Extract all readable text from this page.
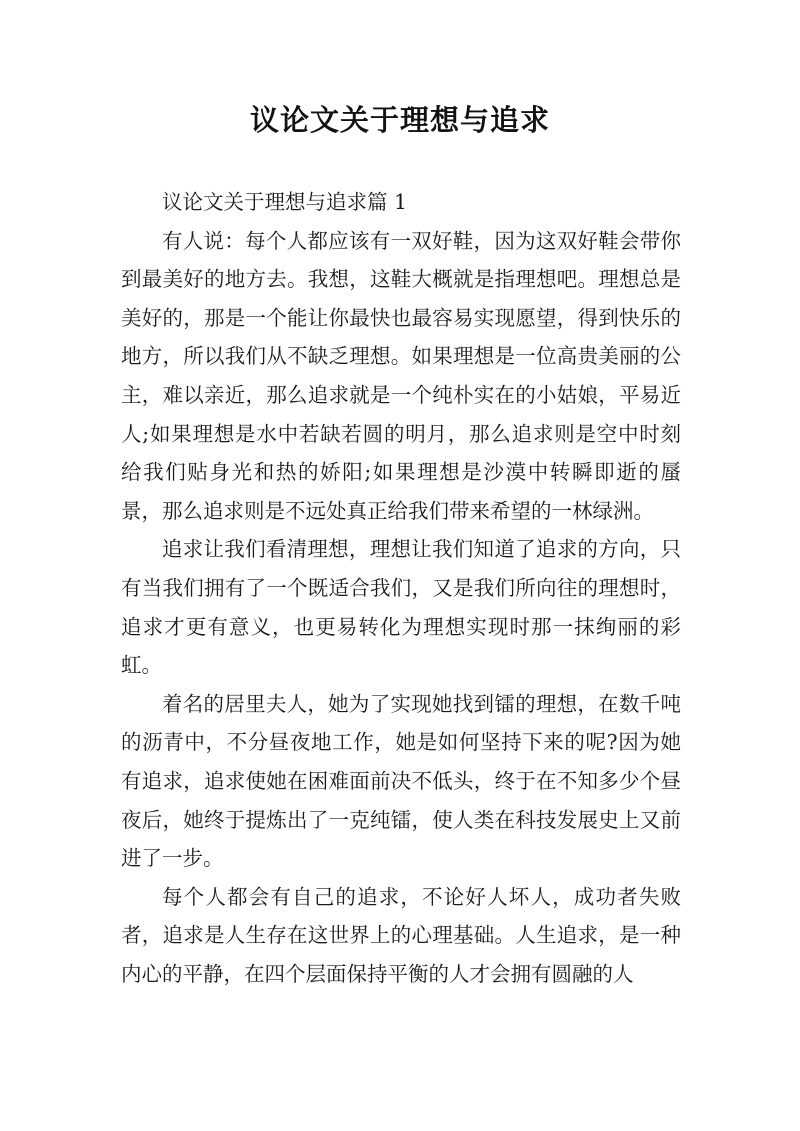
议论文关于理想与追求

议论文关于理想与追求篇 1

有人说：每个人都应该有一双好鞋，因为这双好鞋会带你到最美好的地方去。我想，这鞋大概就是指理想吧。理想总是美好的，那是一个能让你最快也最容易实现愿望，得到快乐的地方，所以我们从不缺乏理想。如果理想是一位高贵美丽的公主，难以亲近，那么追求就是一个纯朴实在的小姑娘，平易近人;如果理想是水中若缺若圆的明月，那么追求则是空中时刻给我们贴身光和热的娇阳;如果理想是沙漠中转瞬即逝的蜃景，那么追求则是不远处真正给我们带来希望的一林绿洲。

追求让我们看清理想，理想让我们知道了追求的方向，只有当我们拥有了一个既适合我们，又是我们所向往的理想时，追求才更有意义，也更易转化为理想实现时那一抹绚丽的彩虹。

着名的居里夫人，她为了实现她找到镭的理想，在数千吨的沥青中，不分昼夜地工作，她是如何坚持下来的呢?因为她有追求，追求使她在困难面前决不低头，终于在不知多少个昼夜后，她终于提炼出了一克纯镭，使人类在科技发展史上又前进了一步。

每个人都会有自己的追求，不论好人坏人，成功者失败者，追求是人生存在这世界上的心理基础。人生追求，是一种内心的平静，在四个层面保持平衡的人才会拥有圆融的人
